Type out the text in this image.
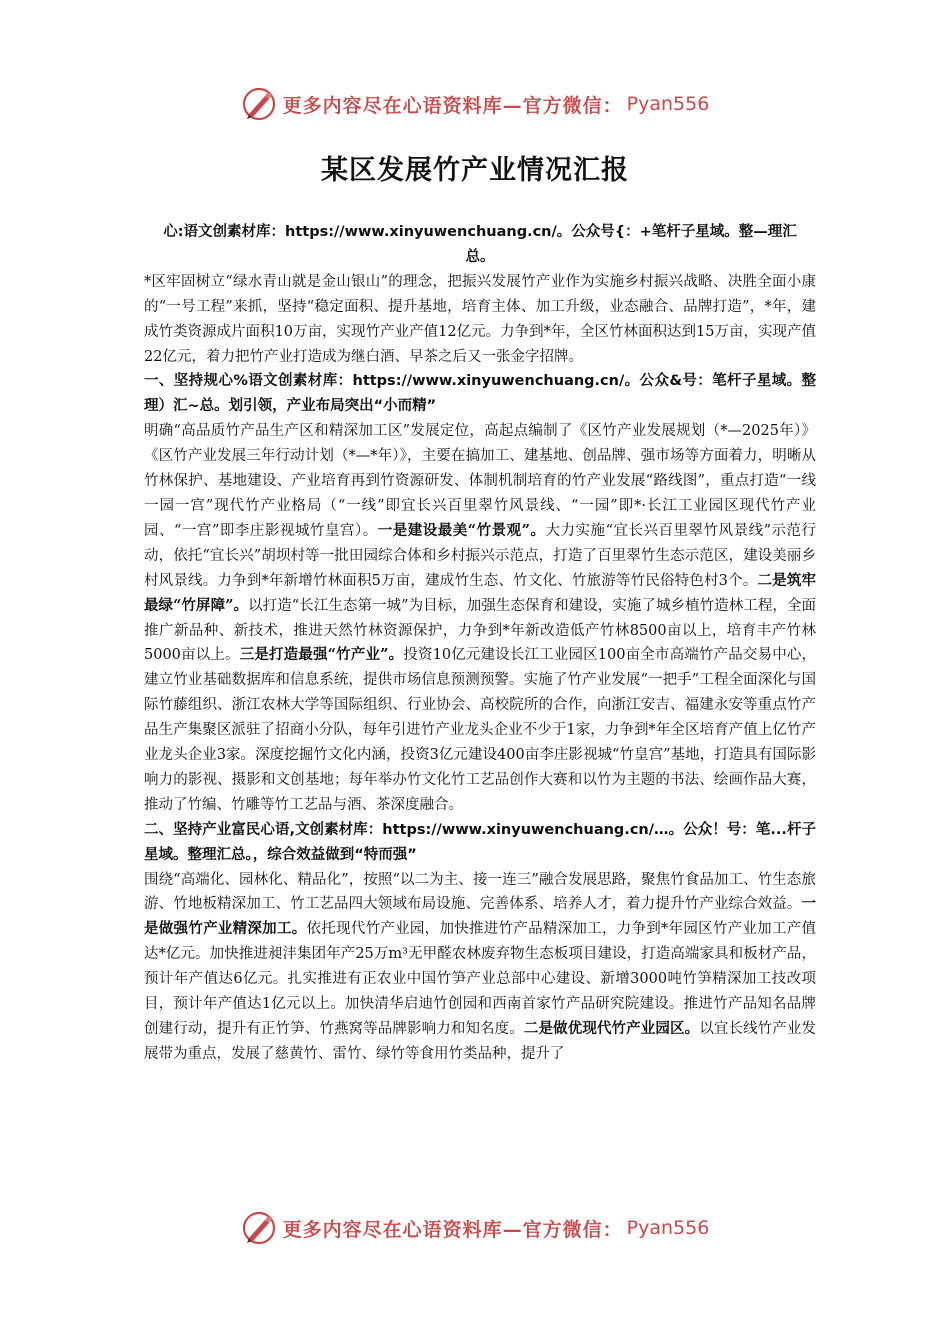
更多内容尽在心语资料库—官方微信： Pyan556
某区发展竹产业情况汇报

心:语文创素材库：https://www.xinyuwenchuang.cn/。公众号{：+笔杆子星域。整—理汇总。

*区牢固树立“绿水青山就是金山银山”的理念，把振兴发展竹产业作为实施乡村振兴战略、决胜全面小康的“一号工程”来抓，坚持“稳定面积、提升基地，培育主体、加工升级，业态融合、品牌打造”，*年，建成竹类资源成片面积10万亩，实现竹产业产值12亿元。力争到*年，全区竹林面积达到15万亩，实现产值22亿元，着力把竹产业打造成为继白酒、早茶之后又一张金字招牌。

一、坚持规心%语文创素材库：https://www.xinyuwenchuang.cn/。公众&号：笔杆子星域。整理）汇~总。划引领，产业布局突出“小而精”

明确“高品质竹产品生产区和精深加工区”发展定位，高起点编制了《区竹产业发展规划（*—2025年）》《区竹产业发展三年行动计划（*—*年）》，主要在搞加工、建基地、创品牌、强市场等方面着力，明晰从竹林保护、基地建设、产业培育再到竹资源研发、体制机制培育的竹产业发展“路线图”，重点打造“一线一园一宫”现代竹产业格局（“一线”即宜长兴百里翠竹风景线、“一园”即*·长江工业园区现代竹产业园、“一宫”即李庄影视城竹皇宫）。一是建设最美“竹景观”。大力实施“宜长兴百里翠竹风景线”示范行动，依托“宜长兴”胡坝村等一批田园综合体和乡村振兴示范点，打造了百里翠竹生态示范区，建设美丽乡村风景线。力争到*年新增竹林面积5万亩，建成竹生态、竹文化、竹旅游等竹民俗特色村3个。二是筑牢最绿“竹屏障”。以打造“长江生态第一城”为目标，加强生态保育和建设，实施了城乡植竹造林工程，全面推广新品种、新技术，推进天然竹林资源保护，力争到*年新改造低产竹林8500亩以上，培育丰产竹林5000亩以上。三是打造最强“竹产业”。投资10亿元建设长江工业园区100亩全市高端竹产品交易中心，建立竹业基础数据库和信息系统，提供市场信息预测预警。实施了竹产业发展“一把手”工程全面深化与国际竹藤组织、浙江农林大学等国际组织、行业协会、高校院所的合作，向浙江安吉、福建永安等重点竹产品生产集聚区派驻了招商小分队，每年引进竹产业龙头企业不少于1家，力争到*年全区培育产值上亿竹产业龙头企业3家。深度挖掘竹文化内涵，投资3亿元建设400亩李庄影视城“竹皇宫”基地，打造具有国际影响力的影视、摄影和文创基地；每年举办竹文化竹工艺品创作大赛和以竹为主题的书法、绘画作品大赛，推动了竹编、竹雕等竹工艺品与酒、茶深度融合。

二、坚持产业富民心语,文创素材库：https://www.xinyuwenchuang.cn/…。公众！号：笔...杆子星域。整理汇总。，综合效益做到“特而强”

围绕“高端化、园林化、精品化”，按照“以二为主、接一连三”融合发展思路，聚焦竹食品加工、竹生态旅游、竹地板精深加工、竹工艺品四大领域布局设施、完善体系、培养人才，着力提升竹产业综合效益。一是做强竹产业精深加工。依托现代竹产业园，加快推进竹产品精深加工，力争到*年园区竹产业加工产值达*亿元。加快推进昶沣集团年产25万m³无甲醛农林废弃物生态板项目建设，打造高端家具和板材产品，预计年产值达6亿元。扎实推进有正农业中国竹笋产业总部中心建设、新增3000吨竹笋精深加工技改项目，预计年产值达1亿元以上。加快清华启迪竹创园和西南首家竹产品研究院建设。推进竹产品知名品牌创建行动，提升有正竹笋、竹燕窝等品牌影响力和知名度。二是做优现代竹产业园区。以宜长线竹产业发展带为重点，发展了慈黄竹、雷竹、绿竹等食用竹类品种，提升了

更多内容尽在心语资料库—官方微信： Pyan556
